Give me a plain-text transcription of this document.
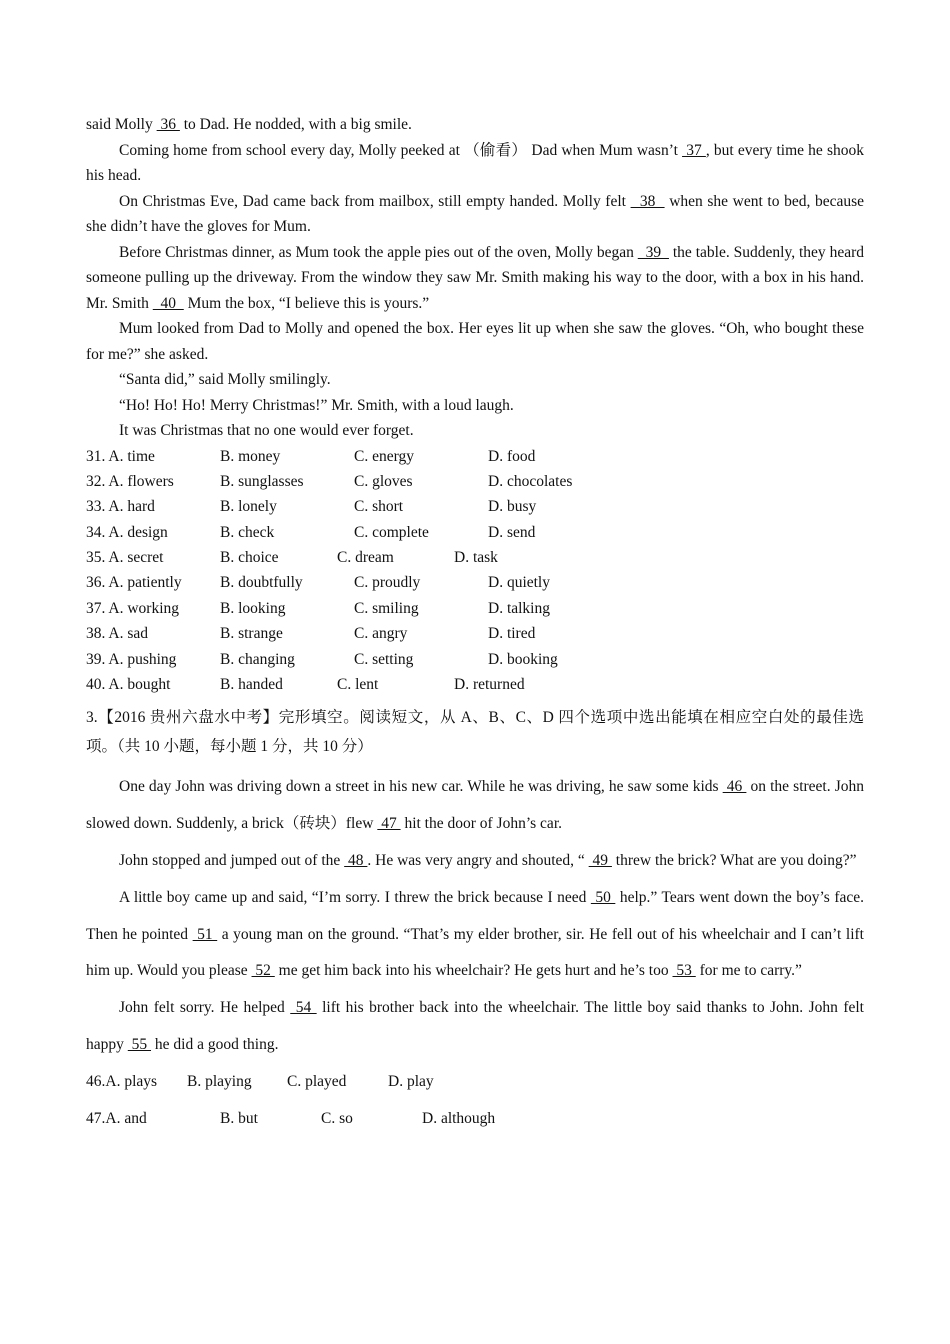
said Molly  36  to Dad. He nodded, with a big smile.

Coming home from school every day, Molly peeked at （偷看） Dad when Mum wasn’t  37 , but every time he shook his head.

On Christmas Eve, Dad came back from mailbox, still empty handed. Molly felt   38   when she went to bed, because she didn’t have the gloves for Mum.

Before Christmas dinner, as Mum took the apple pies out of the oven, Molly began   39   the table. Suddenly, they heard someone pulling up the driveway. From the window they saw Mr. Smith making his way to the door, with a box in his hand. Mr. Smith   40   Mum the box, “I believe this is yours.”

Mum looked from Dad to Molly and opened the box. Her eyes lit up when she saw the gloves. “Oh, who bought these for me?” she asked.

“Santa did,” said Molly smilingly.

“Ho! Ho! Ho! Merry Christmas!” Mr. Smith, with a loud laugh.

It was Christmas that no one would ever forget.

31. A. time	B. money	C. energy	D. food
32. A. flowers	B. sunglasses	C. gloves	D. chocolates
33. A. hard	B. lonely	C. short	D. busy
34. A. design	B. check	C. complete	D. send
35. A. secret	B. choice	C. dream	D. task
36. A. patiently B. doubtfully	C. proudly	D. quietly
37. A. working	B. looking	C. smiling	D. talking
38. A. sad	B. strange	C. angry	D. tired
39. A. pushing	B. changing	C. setting	D. booking
40. A. bought	B. handed	C. lent	D. returned

3.【2016 贵州六盘水中考】完形填空。阅读短文，从 A、B、C、D 四个选项中选出能填在相应空白处的最佳选项。（共 10 小题，每小题 1 分，共 10 分）

One day John was driving down a street in his new car. While he was driving, he saw some kids  46  on the street. John slowed down. Suddenly, a brick（砖块）flew  47  hit the door of John’s car.

John stopped and jumped out of the  48 . He was very angry and shouted, “  49  threw the brick? What are you doing?”

A little boy came up and said, “I’m sorry. I threw the brick because I need  50  help.” Tears went down the boy’s face. Then he pointed  51  a young man on the ground. “That’s my elder brother, sir. He fell out of his wheelchair and I can’t lift him up. Would you please  52  me get him back into his wheelchair? He gets hurt and he’s too  53  for me to carry.”

John felt sorry. He helped  54  lift his brother back into the wheelchair. The little boy said thanks to John. John felt happy  55  he did a good thing.

46.A. plays B. playing C. played	D. play
47.A. and	B. but	C. so	D. although
